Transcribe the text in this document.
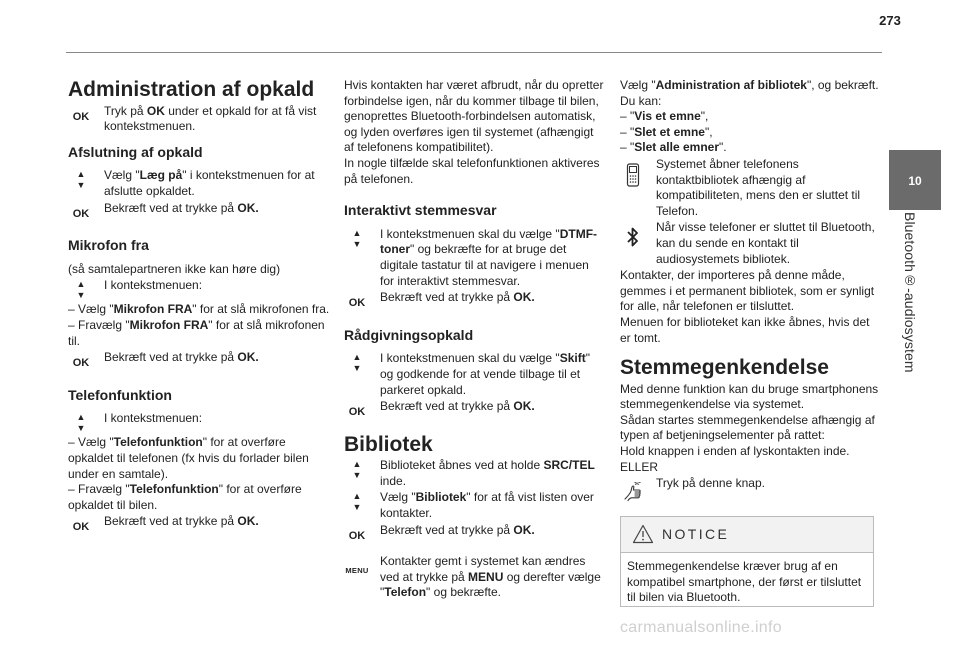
273
10
Bluetooth®-audiosystem
Administration af opkald
OK	Tryk på OK under et opkald for at få vist kontekstmenuen.
Afslutning af opkald
▲
▼
Vælg "Læg på" i kontekstmenuen for at afslutte opkaldet.
OK	Bekræft ved at trykke på OK.
Mikrofon fra

(så samtalepartneren ikke kan høre dig)

▲
▼
I kontekstmenuen:

– Vælg "Mikrofon FRA" for at slå mikrofonen fra.

– Fravælg "Mikrofon FRA" for at slå mikrofonen til.

OK	Bekræft ved at trykke på OK.
Telefonfunktion
▲
▼
I kontekstmenuen:

– Vælg "Telefonfunktion" for at overføre opkaldet til telefonen (fx hvis du forlader bilen under en samtale).

– Fravælg "Telefonfunktion" for at overføre opkaldet til bilen.

OK	Bekræft ved at trykke på OK.

Hvis kontakten har været afbrudt, når du opretter forbindelse igen, når du kommer tilbage til bilen, genoprettes Bluetooth-forbindelsen automatisk, og lyden overføres igen til systemet (afhængigt af telefonens kompatibilitet).

In nogle tilfælde skal telefonfunktionen aktiveres på telefonen.

Interaktivt stemmesvar
▲
▼
I kontekstmenuen skal du vælge "DTMF-toner" og bekræfte for at bruge det digitale tastatur til at navigere i menuen for interaktivt stemmesvar.
OK	Bekræft ved at trykke på OK.
Rådgivningsopkald
▲
▼
I kontekstmenuen skal du vælge "Skift" og godkende for at vende tilbage til et parkeret opkald.
OK	Bekræft ved at trykke på OK.
Bibliotek
▲
▼
Biblioteket åbnes ved at holde SRC/TEL inde.
▲
▼
Vælg "Bibliotek" for at få vist listen over kontakter.
OK	Bekræft ved at trykke på OK.
MENU
Kontakter gemt i systemet kan ændres ved at trykke på MENU og derefter vælge "Telefon" og bekræfte.

Vælg "Administration af bibliotek", og bekræft.

Du kan:

– "Vis et emne",

– "Slet et emne",

– "Slet alle emner".

Systemet åbner telefonens kontaktbibliotek afhængig af kompatibiliteten, mens den er sluttet til Telefon.
Når visse telefoner er sluttet til Bluetooth, kan du sende en kontakt til audiosystemets bibliotek.

Kontakter, der importeres på denne måde, gemmes i et permanent bibliotek, som er synligt for alle, når telefonen er tilsluttet.

Menuen for biblioteket kan ikke åbnes, hvis det er tomt.

Stemmegenkendelse

Med denne funktion kan du bruge smartphonens stemmegenkendelse via systemet.

Sådan startes stemmegenkendelse afhængig af typen af betjeningselementer på rattet:

Hold knappen i enden af lyskontakten inde.

ELLER

Tryk på denne knap.
NOTICE
Stemmegenkendelse kræver brug af en kompatibel smartphone, der først er tilsluttet til bilen via Bluetooth.
carmanualsonline.info
